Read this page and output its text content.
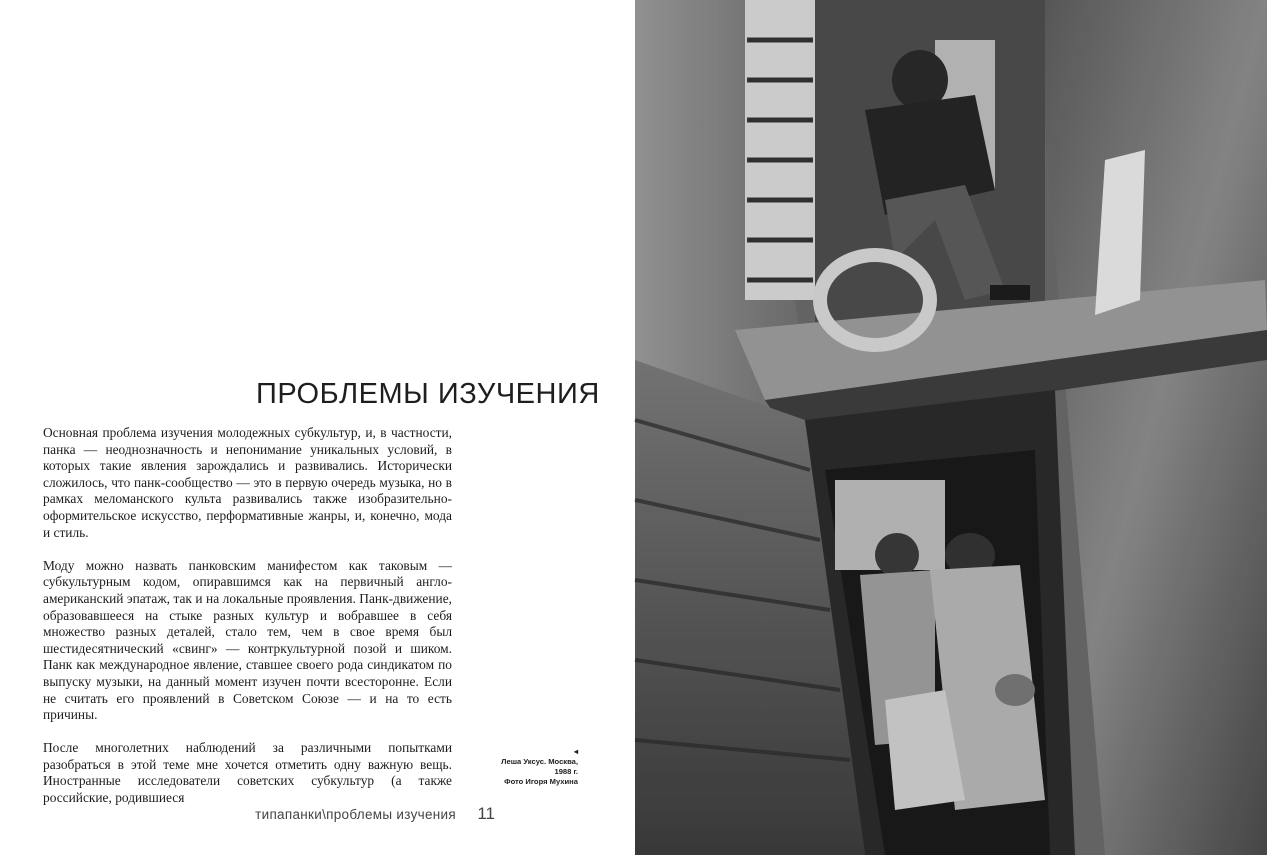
ПРОБЛЕМЫ ИЗУЧЕНИЯ

Основная проблема изучения молодежных субкультур, и, в частности, панка — неоднозначность и непонимание уникальных условий, в которых такие явления зарождались и развивались. Исторически сложилось, что панк-сообщество — это в первую очередь музыка, но в рамках меломанского культа развивались также изобразительно-оформительское искусство, перформативные жанры, и, конечно, мода и стиль.

Моду можно назвать панковским манифестом как таковым — субкультурным кодом, опиравшимся как на первичный англо-американский эпатаж, так и на локальные проявления. Панк-движение, образовавшееся на стыке разных культур и вобравшее в себя множество разных деталей, стало тем, чем в свое время был шестидесятнический «свинг» — контркультурной позой и шиком. Панк как международное явление, ставшее своего рода синдикатом по выпуску музыки, на данный момент изучен почти всесторонне. Если не считать его проявлений в Советском Союзе — и на то есть причины.

После многолетних наблюдений за различными попытками разобраться в этой теме мне хочется отметить одну важную вещь. Иностранные исследователи советских субкультур (а также российские, родившиеся

◂
Леша Уксус. Москва,
1988 г.
Фото Игоря Мухина
типапанки\проблемы изучения 11
